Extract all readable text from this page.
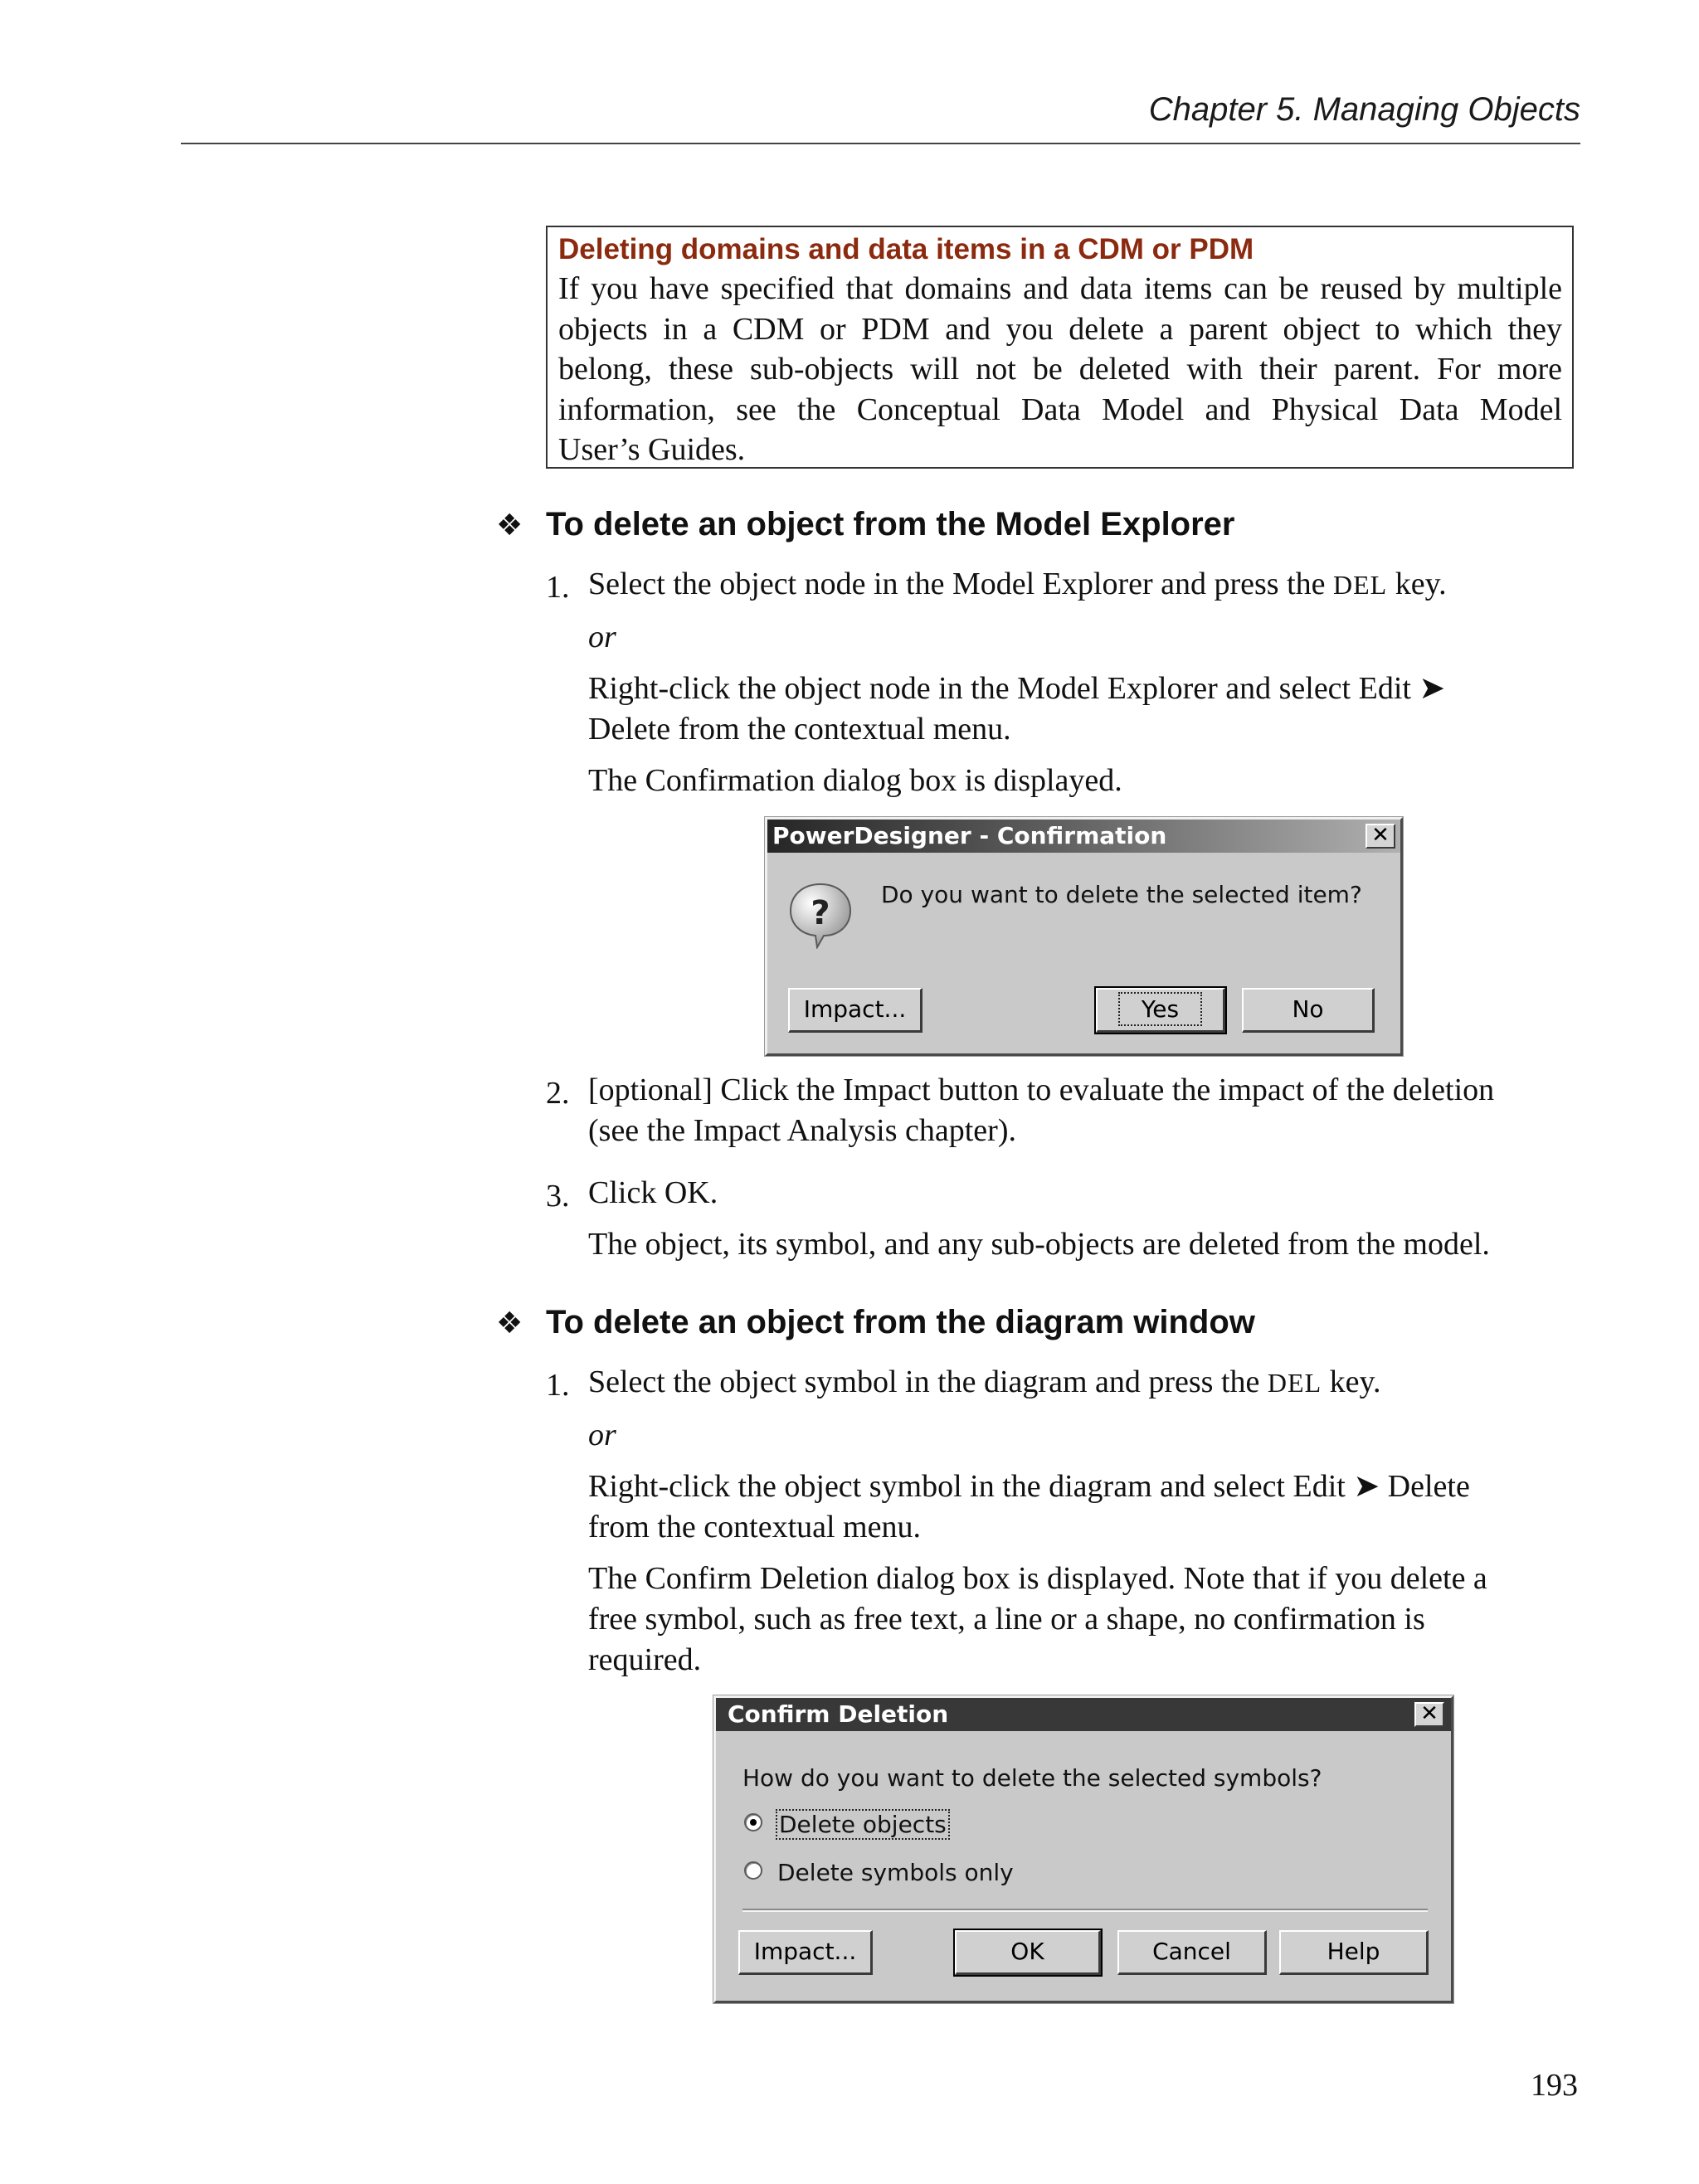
Chapter 5. Managing Objects
Deleting domains and data items in a CDM or PDM
If you have specified that domains and data items can be reused by multiple
objects in a CDM or PDM and you delete a parent object to which they
belong, these sub-objects will not be deleted with their parent. For more
information, see the Conceptual Data Model and Physical Data Model
User’s Guides.
❖ To delete an object from the Model Explorer
1. Select the object node in the Model Explorer and press the DEL key.
or
Right-click the object node in the Model Explorer and select Edit ➤
Delete from the contextual menu.
The Confirmation dialog box is displayed.
PowerDesigner - Confirmation	✕
? Do you want to delete the selected item?
Impact...	Yes	No
2. [optional] Click the Impact button to evaluate the impact of the deletion
(see the Impact Analysis chapter).
3. Click OK.
The object, its symbol, and any sub-objects are deleted from the model.
❖ To delete an object from the diagram window
1. Select the object symbol in the diagram and press the DEL key.
or
Right-click the object symbol in the diagram and select Edit ➤ Delete
from the contextual menu.
The Confirm Deletion dialog box is displayed. Note that if you delete a
free symbol, such as free text, a line or a shape, no confirmation is
required.
Confirm Deletion	✕
How do you want to delete the selected symbols?
Delete objects
Delete symbols only
Impact...	OK	Cancel	Help
193
